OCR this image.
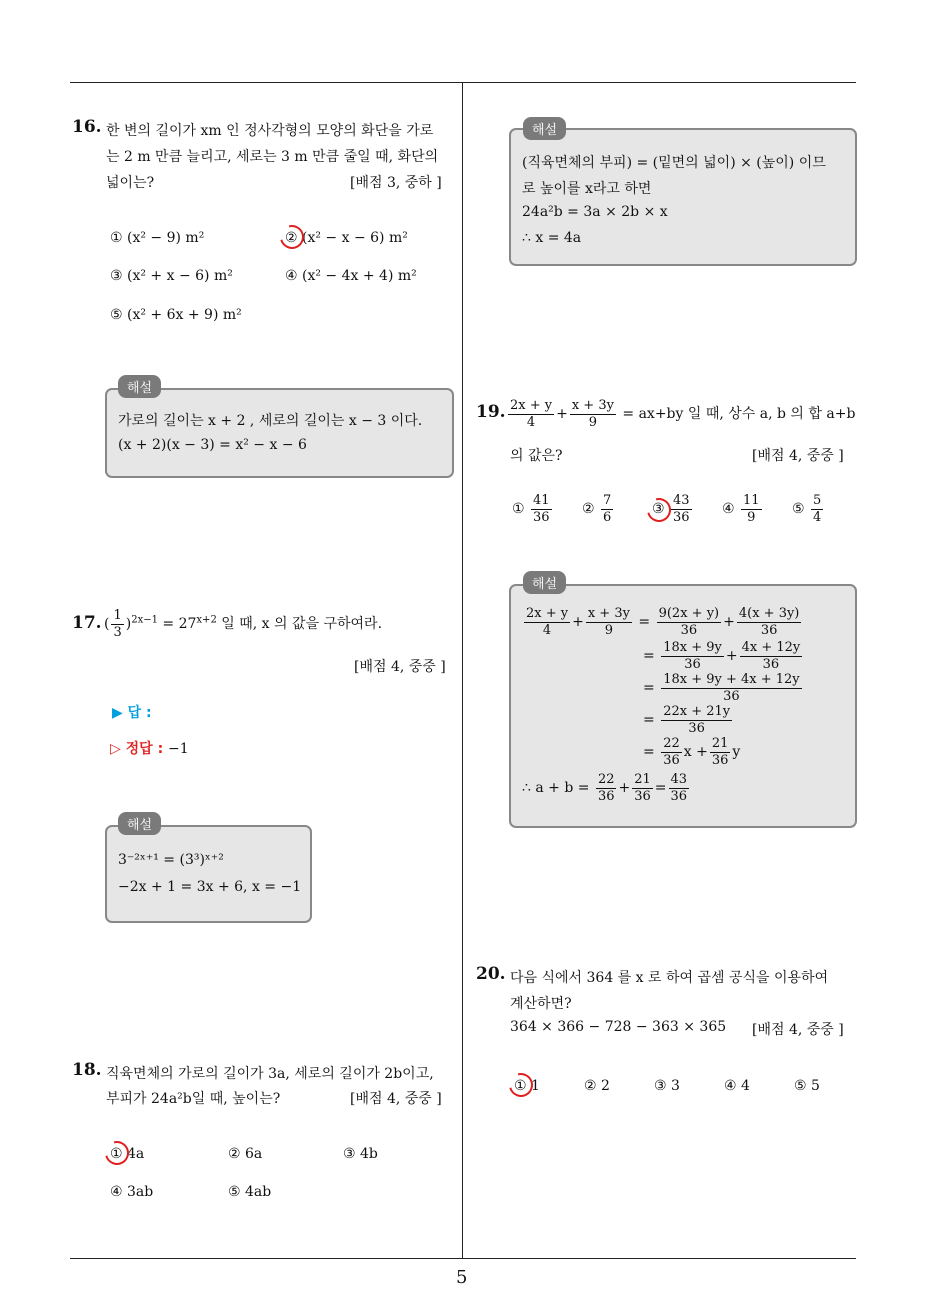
5
16. 한 변의 길이가 xm 인 정사각형의 모양의 화단을 가로
는 2 m 만큼 늘리고, 세로는 3 m 만큼 줄일 때, 화단의
넓이는?	[배점 3, 중하 ]
① (x² − 9) m²	② (x² − x − 6) m²
③ (x² + x − 6) m²	④ (x² − 4x + 4) m²
⑤ (x² + 6x + 9) m²
해설
가로의 길이는 x + 2 , 세로의 길이는 x − 3 이다.
(x + 2)(x − 3) = x² − x − 6
17. ( $\frac{1}{3} )^{2x-1} = 27^{x+2}$ 일 때, x 의 값을 구하여라.
[배점 4, 중중 ]
▶ 답 :
▷ 정답 : −1
해설
3⁻²ˣ⁺¹ = (3³)ˣ⁺²
−2x + 1 = 3x + 6, x = −1
18. 직육면체의 가로의 길이가 3a, 세로의 길이가 2b이고,
부피가 24a²b일 때, 높이는?	[배점 4, 중중 ]
① 4a	② 6a	③ 4b
④ 3ab	⑤ 4ab
해설
(직육면체의 부피) = (밑면의 넓이) × (높이) 이므
로 높이를 x라고 하면
24a²b = 3a × 2b × x
∴ x = 4a
19. $\frac{2x + y}{4} + \frac{x + 3y}{9} = ax+by$ 일 때, 상수 a, b 의 합 a+b
의 값은?	[배점 4, 중중 ]
① $\frac{41}{36}$ ② $\frac{7}{6}$	③ $\frac{43}{36}$ ④ $\frac{11}{9}$ ⑤ $\frac{5}{4}$
해설
$\frac{2x + y}{4} + \frac{x + 3y}{9} = \frac{9(2x + y)}{36} + \frac{4(x + 3y)}{36}$
= $\frac{18x + 9y}{36} + \frac{4x + 12y}{36}$
= $\frac{18x + 9y + 4x + 12y}{36}$
= $\frac{22x + 21y}{36}$
= $\frac{22}{36}$ $x + \frac{21}{36}$ y
∴ $a + b = \frac{22}{36} + \frac{21}{36} = \frac{43}{36}$
20. 다음 식에서 364 를 x 로 하여 곱셈 공식을 이용하여
계산하면?
364 × 366 − 728 − 363 × 365 [배점 4, 중중 ]
① 1	② 2	③ 3	④ 4	⑤ 5
